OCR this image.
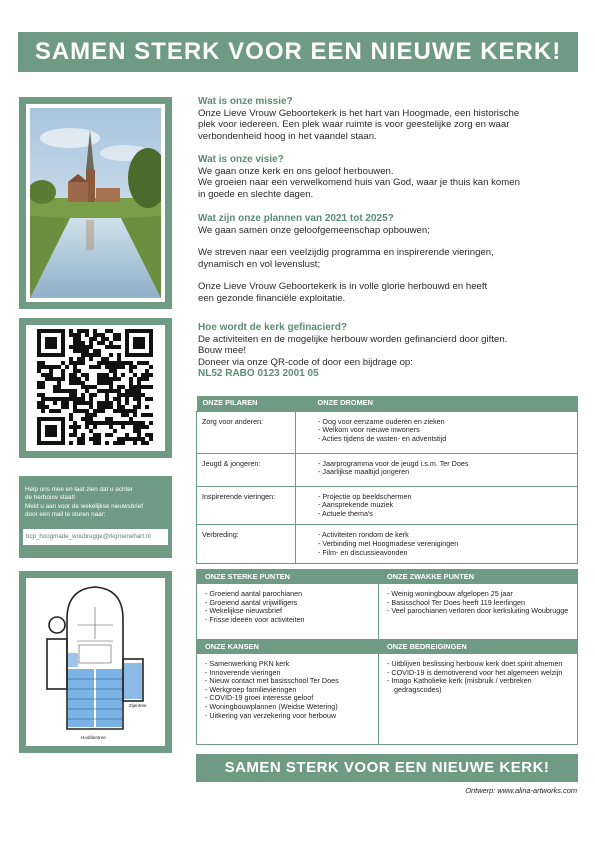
SAMEN STERK VOOR EEN NIEUWE KERK!
Help ons mee en laat zien dat u achter
de herbouw staat!
Meld u aan voor de wekelijkse nieuwsbrief
door een mail te sturen naar:
bcp_hoogmade_woubrugge@rkgroenehart.nl
Zijentree
Hoofdentree
Wat is onze missie?
Onze Lieve Vrouw Geboortekerk is het hart van Hoogmade, een historische
plek voor iedereen. Een plek waar ruimte is voor geestelijke zorg en waar
verbondenheid hoog in het vaandel staan.
Wat is onze visie?
We gaan onze kerk en ons geloof herbouwen.
We groeien naar een verwelkomend huis van God, waar je thuis kan komen
in goede en slechte dagen.
Wat zijn onze plannen van 2021 tot 2025?
We gaan samen onze geloofgemeenschap opbouwen;
We streven naar een veelzijdig programma en inspirerende vieringen,
dynamisch en vol levenslust;
Onze Lieve Vrouw Geboortekerk is in volle glorie herbouwd en heeft
een gezonde financiële exploitatie.
Hoe wordt de kerk gefinacierd?
De activiteiten en de mogelijke herbouw worden gefinancierd door giften.
Bouw mee!
Doneer via onze QR-code of door een bijdrage op:
NL52 RABO 0123 2001 05
ONZE PILAREN	ONZE DROMEN
Zorg voor anderen:	- Oog voor eenzame ouderen en zieken
- Welkom voor nieuwe inwoners
- Acties tijdens de vasten- en adventstijd

Jeugd & jongeren:	- Jaarprogramma voor de jeugd i.s.m. Ter Does
- Jaarlijkse maaltijd jongeren

Inspirerende vieringen:	- Projectie op beeldschermen
- Aansprekende muziek
- Actuele thema's

Verbreding:	- Activiteiten rondom de kerk
- Verbinding met Hoogmadese verenigingen
- Film- en discussieavonden
ONZE STERKE PUNTEN
- Groeiend aantal parochianen
- Groeiend aantal vrijwilligers
- Wekelijkse nieuwsbrief
- Frisse ideeën voor activiteiten
ONZE ZWAKKE PUNTEN
- Weinig woningbouw afgelopen 25 jaar
- Basisschool Ter Does heeft 119 leerlingen
- Veel parochianen verloren door kerksluiting Woubrugge
ONZE KANSEN
- Samenwerking PKN kerk
- Innoverende vieringen
- Nieuw contact met basisschool Ter Does
- Werkgroep familievieringen
- COVID-19 groei interesse geloof
- Woningbouwplannen (Weidse Wetering)
- Uitkering van verzekering voor herbouw
ONZE BEDREIGINGEN
- Uitblijven beslissing herbouw kerk doet spirit afnemen
- COVID-19 is demotiverend voor het algemeen welzijn
- Imago Katholieke kerk (misbruik / verbreken gedragscodes)
SAMEN STERK VOOR EEN NIEUWE KERK!
Ontwerp: www.alina-artworks.com
